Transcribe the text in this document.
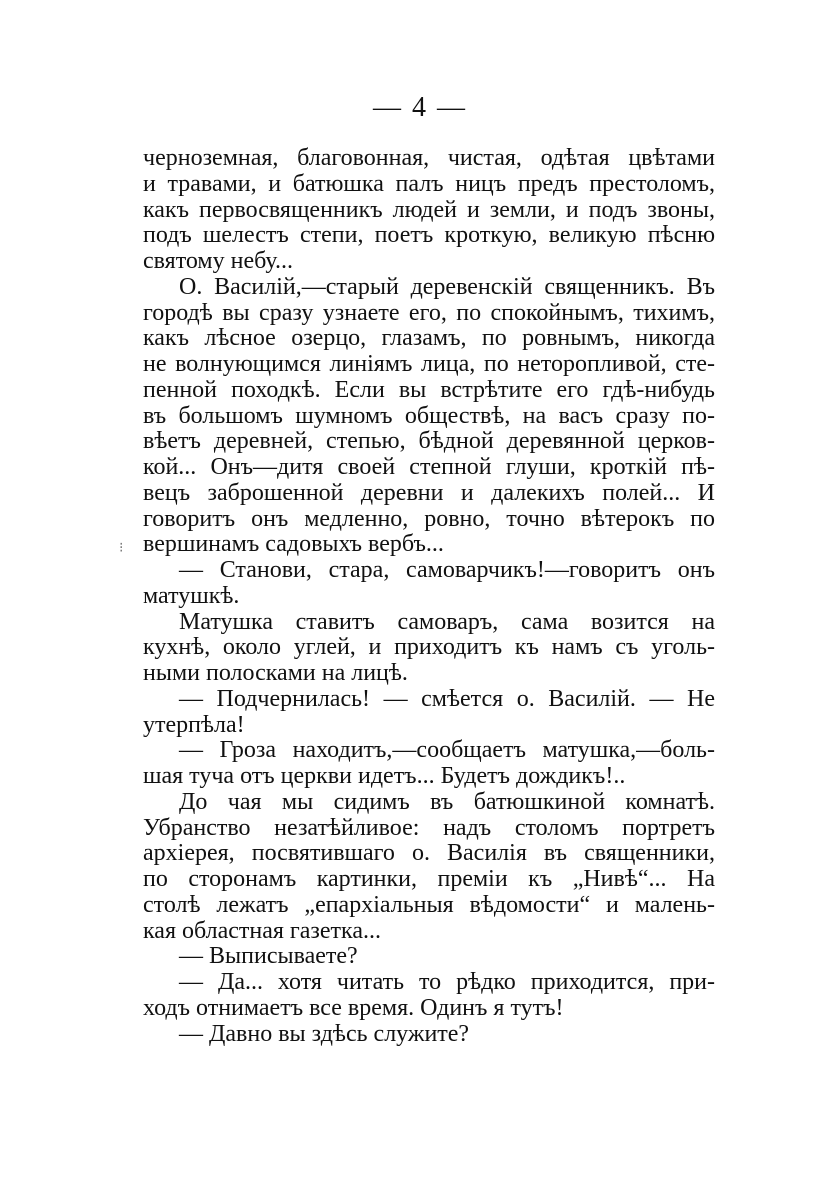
— 4 —
черноземная, благовонная, чистая, одѣтая цвѣтами
и травами, и батюшка палъ ницъ предъ престоломъ,
какъ первосвященникъ людей и земли, и подъ звоны,
подъ шелестъ степи, поетъ кроткую, великую пѣсню
святому небу...
О. Василій,—старый деревенскій священникъ. Въ
городѣ вы сразу узнаете его, по спокойнымъ, тихимъ,
какъ лѣсное озерцо, глазамъ, по ровнымъ, никогда
не волнующимся линіямъ лица, по неторопливой, сте-
пенной походкѣ. Если вы встрѣтите его гдѣ-нибудь
въ большомъ шумномъ обществѣ, на васъ сразу по-
вѣетъ деревней, степью, бѣдной деревянной церков-
кой... Онъ—дитя своей степной глуши, кроткій пѣ-
вецъ заброшенной деревни и далекихъ полей... И
говоритъ онъ медленно, ровно, точно вѣтерокъ по
вершинамъ садовыхъ вербъ...
— Станови, стара, самоварчикъ!—говоритъ онъ
матушкѣ.
Матушка ставитъ самоваръ, сама возится на
кухнѣ, около углей, и приходитъ къ намъ съ уголь-
ными полосками на лицѣ.
— Подчернилась! — смѣется о. Василій. — Не
утерпѣла!
— Гроза находитъ,—сообщаетъ матушка,—боль-
шая туча отъ церкви идетъ... Будетъ дождикъ!..
До чая мы сидимъ въ батюшкиной комнатѣ.
Убранство незатѣйливое: надъ столомъ портретъ
архіерея, посвятившаго о. Василія въ священники,
по сторонамъ картинки, преміи къ „Нивѣ“... На
столѣ лежатъ „епархіальныя вѣдомости“ и малень-
кая областная газетка...
— Выписываете?
— Да... хотя читать то рѣдко приходится, при-
ходъ отнимаетъ все время. Одинъ я тутъ!
— Давно вы здѣсь служите?
⁝
